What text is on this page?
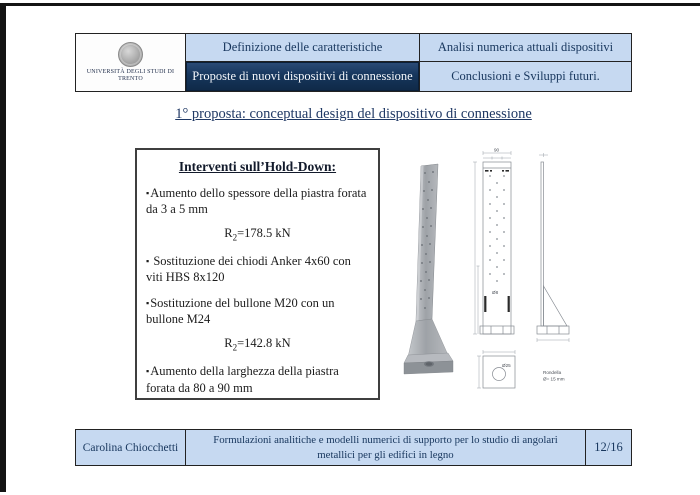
UNIVERSITÀ DEGLI STUDI DI
TRENTO
Definizione delle caratteristiche	Analisi numerica attuali dispositivi
Proposte di nuovi dispositivi di connessione	Conclusioni e Sviluppi futuri.
1° proposta: conceptual design del dispositivo di connessione
Interventi sull’Hold-Down:
▪Aumento dello spessore della piastra forata da 3 a 5 mm
$R_2=178.5$ kN
▪ Sostituzione dei chiodi Anker 4x60 con viti HBS 8x120
▪Sostituzione del bullone M20 con un bullone M24
$R_2=142.8$ kN
▪Aumento della larghezza della piastra forata da 80 a 90 mm
90
Ø8
Ø25
Rondella
Ø= 15 mm
Carolina Chiocchetti
Formulazioni analitiche e modelli numerici di supporto per lo studio di angolari metallici per gli edifici in legno
12/16
